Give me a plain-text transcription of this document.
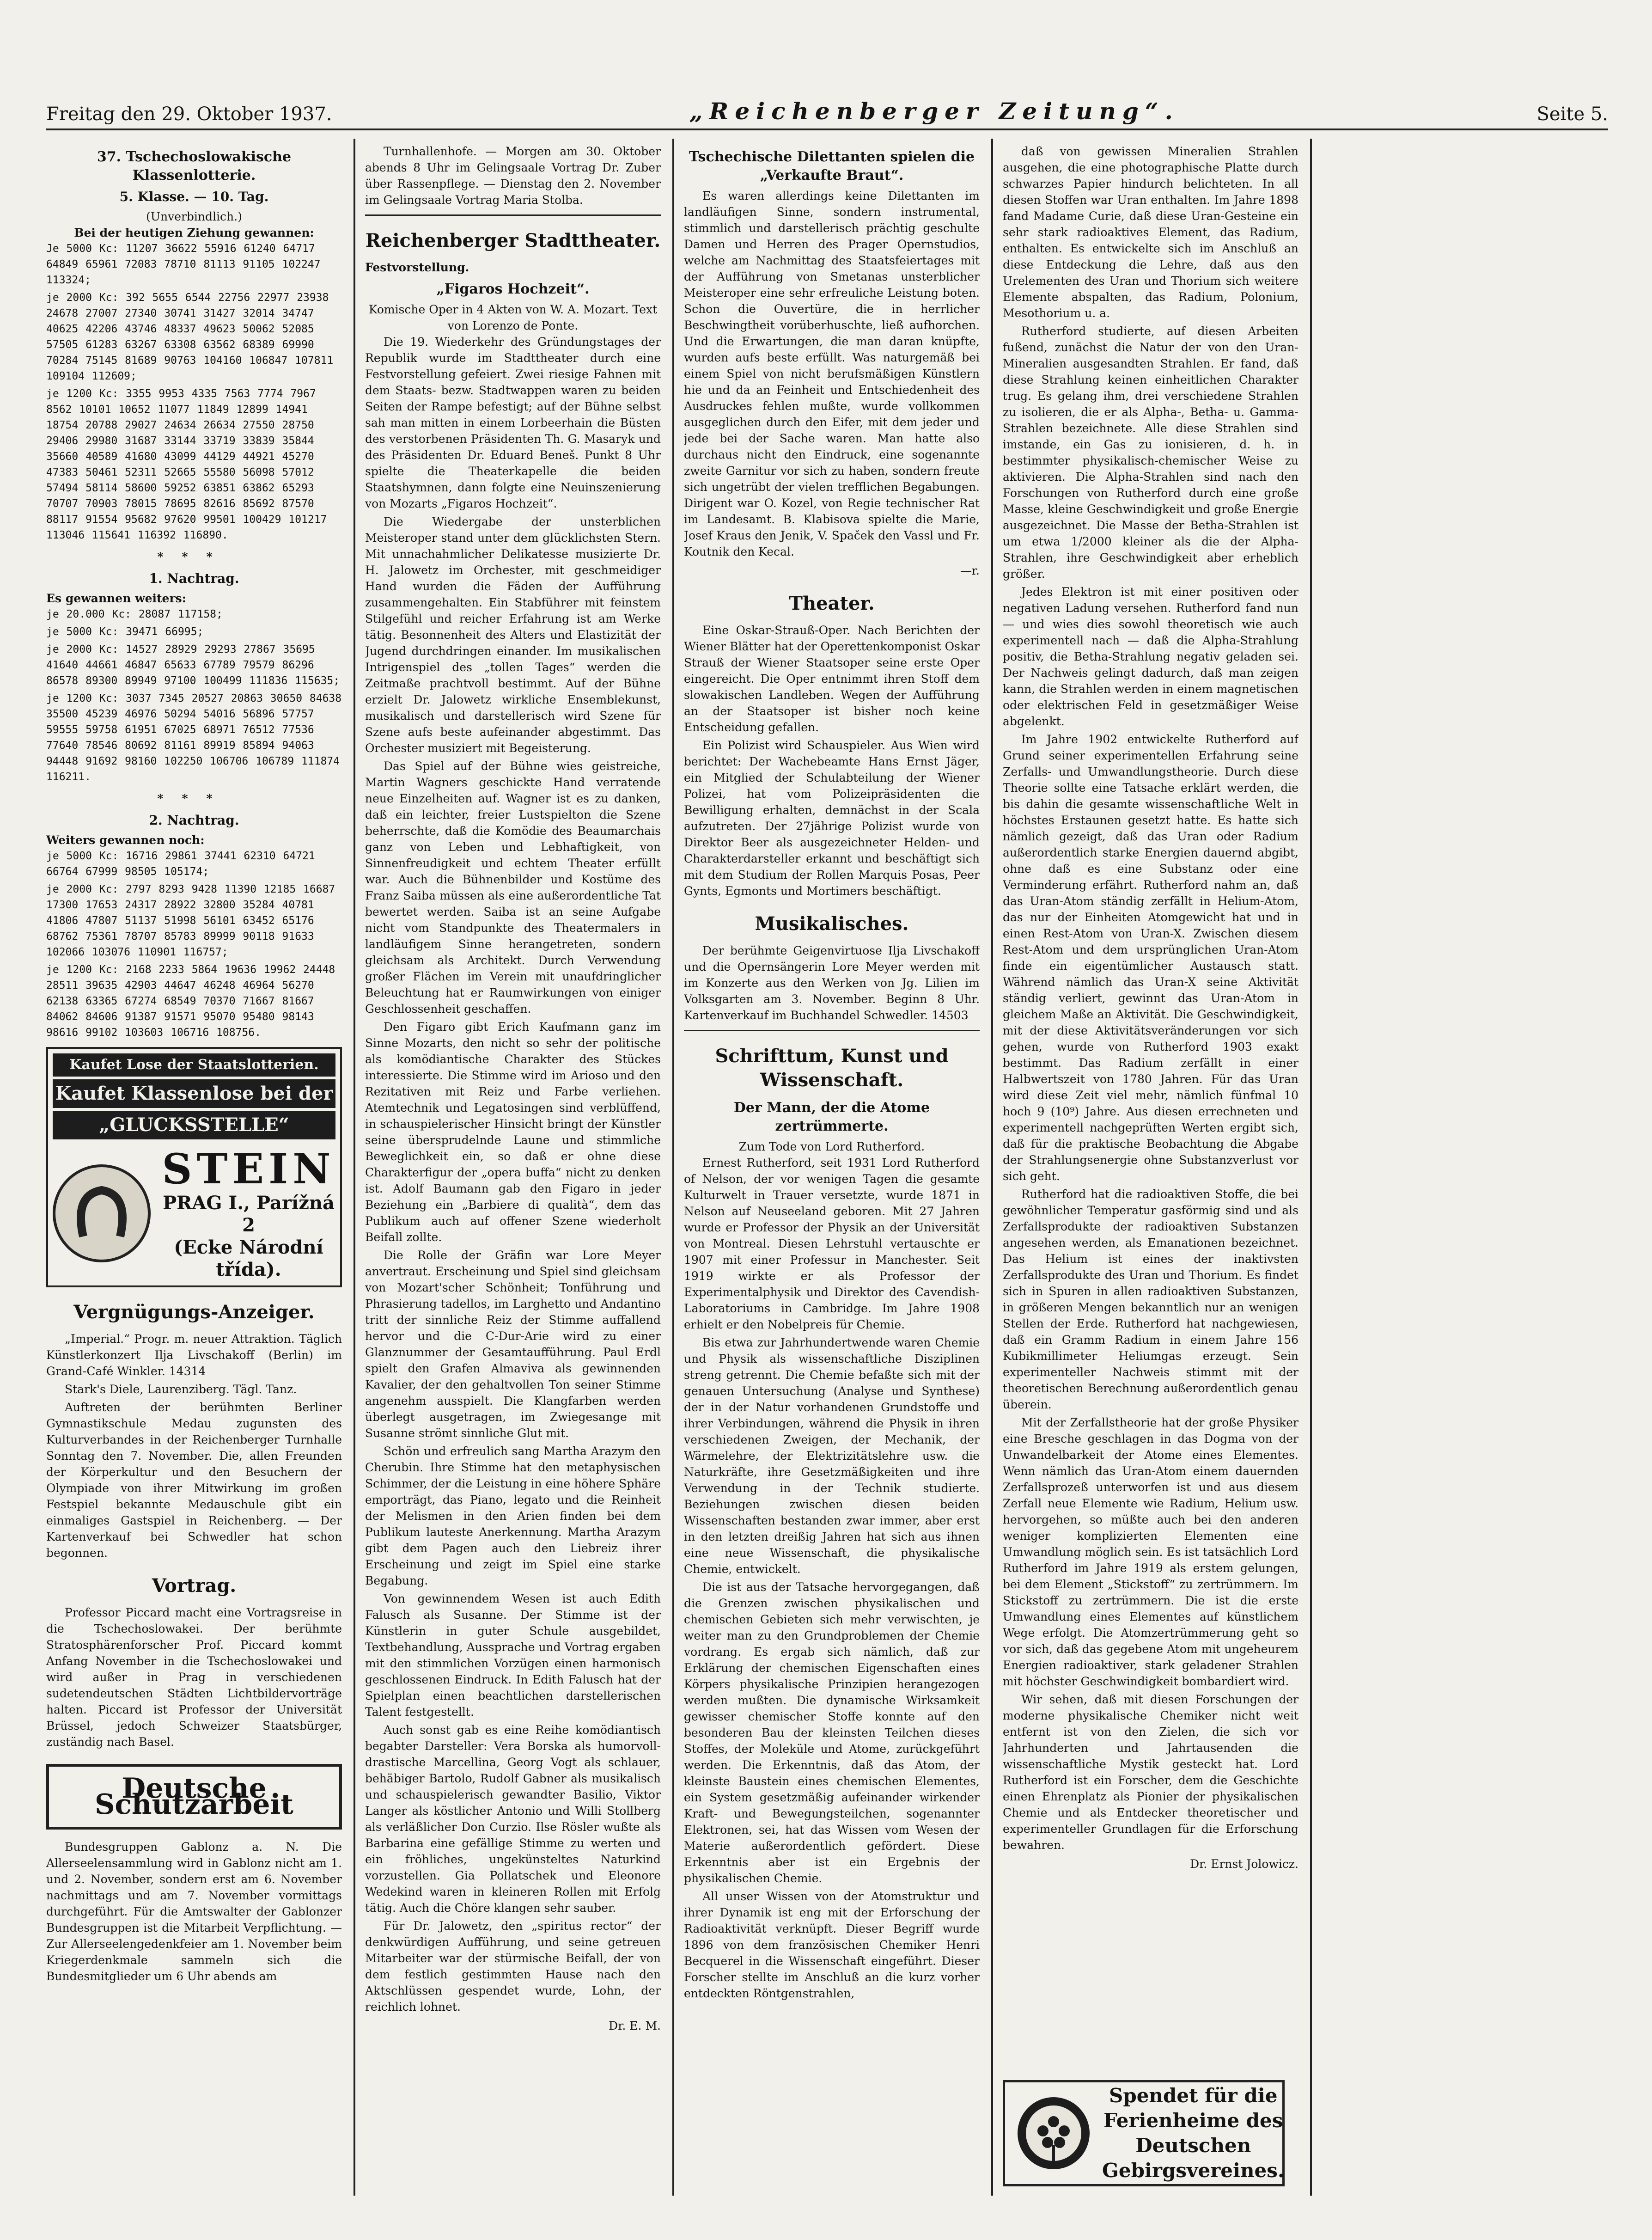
Freitag den 29. Oktober 1937.	„Reichenberger Zeitung“.	Seite 5.
37. Tschechoslowakische Klassenlotterie.
5. Klasse. — 10. Tag.
(Unverbindlich.)
Bei der heutigen Ziehung gewannen:
Je 5000 Kc: 11207 36622 55916 61240 64717 64849 65961 72083 78710 81113 91105 102247 113324;
je 2000 Kc: 392 5655 6544 22756 22977 23938 24678 27007 27340 30741 31427 32014 34747 40625 42206 43746 48337 49623 50062 52085 57505 61283 63267 63308 63562 68389 69990 70284 75145 81689 90763 104160 106847 107811 109104 112609;
je 1200 Kc: 3355 9953 4335 7563 7774 7967 8562 10101 10652 11077 11849 12899 14941 18754 20788 29027 24634 26634 27550 28750 29406 29980 31687 33144 33719 33839 35844 35660 40589 41680 43099 44129 44921 45270 47383 50461 52311 52665 55580 56098 57012 57494 58114 58600 59252 63851 63862 65293 70707 70903 78015 78695 82616 85692 87570 88117 91554 95682 97620 99501 100429 101217 113046 115641 116392 116890.
***
1. Nachtrag.
Es gewannen weiters:
je 20.000 Kc: 28087 117158;
je 5000 Kc: 39471 66995;
je 2000 Kc: 14527 28929 29293 27867 35695 41640 44661 46847 65633 67789 79579 86296 86578 89300 89949 97100 100499 111836 115635;
je 1200 Kc: 3037 7345 20527 20863 30650 84638 35500 45239 46976 50294 54016 56896 57757 59555 59758 61951 67025 68971 76512 77536 77640 78546 80692 81161 89919 85894 94063 94448 91692 98160 102250 106706 106789 111874 116211.
***
2. Nachtrag.
Weiters gewannen noch:
je 5000 Kc: 16716 29861 37441 62310 64721 66764 67999 98505 105174;
je 2000 Kc: 2797 8293 9428 11390 12185 16687 17300 17653 24317 28922 32800 35284 40781 41806 47807 51137 51998 56101 63452 65176 68762 75361 78707 85783 89999 90118 91633 102066 103076 110901 116757;
je 1200 Kc: 2168 2233 5864 19636 19962 24448 28511 39635 42903 44647 46248 46964 56270 62138 63365 67274 68549 70370 71667 81667 84062 84606 91387 91571 95070 95480 98143 98616 99102 103603 106716 108756.
Kaufet Lose der Staatslotterien.
Kaufet Klassenlose bei der
„GLUCKSSTELLE“
STEIN
PRAG I., Parížná 2
(Ecke Národní třída).
Vergnügungs-Anzeiger.

„Imperial.“ Progr. m. neuer Attraktion. Täglich Künstlerkonzert Ilja Livschakoff (Berlin) im Grand-Café Winkler. 14314

Stark's Diele, Laurenziberg. Tägl. Tanz.

Auftreten der berühmten Berliner Gymnastikschule Medau zugunsten des Kulturverbandes in der Reichenberger Turnhalle Sonntag den 7. November. Die, allen Freunden der Körperkultur und den Besuchern der Olympiade von ihrer Mitwirkung im großen Festspiel bekannte Medauschule gibt ein einmaliges Gastspiel in Reichenberg. — Der Kartenverkauf bei Schwedler hat schon begonnen.

Vortrag.

Professor Piccard macht eine Vortragsreise in die Tschechoslowakei. Der berühmte Stratosphärenforscher Prof. Piccard kommt Anfang November in die Tschechoslowakei und wird außer in Prag in verschiedenen sudetendeutschen Städten Lichtbildervorträge halten. Piccard ist Professor der Universität Brüssel, jedoch Schweizer Staatsbürger, zuständig nach Basel.

Deutsche Schutzarbeit

Bundesgruppen Gablonz a. N. Die Allerseelensammlung wird in Gablonz nicht am 1. und 2. November, sondern erst am 6. November nachmittags und am 7. November vormittags durchgeführt. Für die Amtswalter der Gablonzer Bundesgruppen ist die Mitarbeit Verpflichtung. — Zur Allerseelengedenkfeier am 1. November beim Kriegerdenkmale sammeln sich die Bundesmitglieder um 6 Uhr abends am

Turnhallenhofe. — Morgen am 30. Oktober abends 8 Uhr im Gelingsaale Vortrag Dr. Zuber über Rassenpflege. — Dienstag den 2. November im Gelingsaale Vortrag Maria Stolba.

Reichenberger Stadttheater.
Festvorstellung.
„Figaros Hochzeit“.
Komische Oper in 4 Akten von W. A. Mozart. Text von Lorenzo de Ponte.

Die 19. Wiederkehr des Gründungstages der Republik wurde im Stadttheater durch eine Festvorstellung gefeiert. Zwei riesige Fahnen mit dem Staats- bezw. Stadtwappen waren zu beiden Seiten der Rampe befestigt; auf der Bühne selbst sah man mitten in einem Lorbeerhain die Büsten des verstorbenen Präsidenten Th. G. Masaryk und des Präsidenten Dr. Eduard Beneš. Punkt 8 Uhr spielte die Theaterkapelle die beiden Staatshymnen, dann folgte eine Neuinszenierung von Mozarts „Figaros Hochzeit“.

Die Wiedergabe der unsterblichen Meisteroper stand unter dem glücklichsten Stern. Mit unnachahmlicher Delikatesse musizierte Dr. H. Jalowetz im Orchester, mit geschmeidiger Hand wurden die Fäden der Aufführung zusammengehalten. Ein Stabführer mit feinstem Stilgefühl und reicher Erfahrung ist am Werke tätig. Besonnenheit des Alters und Elastizität der Jugend durchdringen einander. Im musikalischen Intrigenspiel des „tollen Tages“ werden die Zeitmaße prachtvoll bestimmt. Auf der Bühne erzielt Dr. Jalowetz wirkliche Ensemblekunst, musikalisch und darstellerisch wird Szene für Szene aufs beste aufeinander abgestimmt. Das Orchester musiziert mit Begeisterung.

Das Spiel auf der Bühne wies geistreiche, Martin Wagners geschickte Hand verratende neue Einzelheiten auf. Wagner ist es zu danken, daß ein leichter, freier Lustspielton die Szene beherrschte, daß die Komödie des Beaumarchais ganz von Leben und Lebhaftigkeit, von Sinnenfreudigkeit und echtem Theater erfüllt war. Auch die Bühnenbilder und Kostüme des Franz Saiba müssen als eine außerordentliche Tat bewertet werden. Saiba ist an seine Aufgabe nicht vom Standpunkte des Theatermalers in landläufigem Sinne herangetreten, sondern gleichsam als Architekt. Durch Verwendung großer Flächen im Verein mit unaufdringlicher Beleuchtung hat er Raumwirkungen von einiger Geschlossenheit geschaffen.

Den Figaro gibt Erich Kaufmann ganz im Sinne Mozarts, den nicht so sehr der politische als komödiantische Charakter des Stückes interessierte. Die Stimme wird im Arioso und den Rezitativen mit Reiz und Farbe verliehen. Atemtechnik und Legatosingen sind verblüffend, in schauspielerischer Hinsicht bringt der Künstler seine übersprudelnde Laune und stimmliche Beweglichkeit ein, so daß er ohne diese Charakterfigur der „opera buffa“ nicht zu denken ist. Adolf Baumann gab den Figaro in jeder Beziehung ein „Barbiere di qualità“, dem das Publikum auch auf offener Szene wiederholt Beifall zollte.

Die Rolle der Gräfin war Lore Meyer anvertraut. Erscheinung und Spiel sind gleichsam von Mozart'scher Schönheit; Tonführung und Phrasierung tadellos, im Larghetto und Andantino tritt der sinnliche Reiz der Stimme auffallend hervor und die C-Dur-Arie wird zu einer Glanznummer der Gesamtaufführung. Paul Erdl spielt den Grafen Almaviva als gewinnenden Kavalier, der den gehaltvollen Ton seiner Stimme angenehm ausspielt. Die Klangfarben werden überlegt ausgetragen, im Zwiegesange mit Susanne strömt sinnliche Glut mit.

Schön und erfreulich sang Martha Arazym den Cherubin. Ihre Stimme hat den metaphysischen Schimmer, der die Leistung in eine höhere Sphäre emporträgt, das Piano, legato und die Reinheit der Melismen in den Arien finden bei dem Publikum lauteste Anerkennung. Martha Arazym gibt dem Pagen auch den Liebreiz ihrer Erscheinung und zeigt im Spiel eine starke Begabung.

Von gewinnendem Wesen ist auch Edith Falusch als Susanne. Der Stimme ist der Künstlerin in guter Schule ausgebildet, Textbehandlung, Aussprache und Vortrag ergaben mit den stimmlichen Vorzügen einen harmonisch geschlossenen Eindruck. In Edith Falusch hat der Spielplan einen beachtlichen darstellerischen Talent festgestellt.

Auch sonst gab es eine Reihe komödiantisch begabter Darsteller: Vera Borska als humorvoll-drastische Marcellina, Georg Vogt als schlauer, behäbiger Bartolo, Rudolf Gabner als musikalisch und schauspielerisch gewandter Basilio, Viktor Langer als köstlicher Antonio und Willi Stollberg als verläßlicher Don Curzio. Ilse Rösler wußte als Barbarina eine gefällige Stimme zu werten und ein fröhliches, ungekünsteltes Naturkind vorzustellen. Gia Pollatschek und Eleonore Wedekind waren in kleineren Rollen mit Erfolg tätig. Auch die Chöre klangen sehr sauber.

Für Dr. Jalowetz, den „spiritus rector“ der denkwürdigen Aufführung, und seine getreuen Mitarbeiter war der stürmische Beifall, der von dem festlich gestimmten Hause nach den Aktschlüssen gespendet wurde, Lohn, der reichlich lohnet.

Dr. E. M.
Tschechische Dilettanten spielen die „Verkaufte Braut“.

Es waren allerdings keine Dilettanten im landläufigen Sinne, sondern instrumental, stimmlich und darstellerisch prächtig geschulte Damen und Herren des Prager Opernstudios, welche am Nachmittag des Staatsfeiertages mit der Aufführung von Smetanas unsterblicher Meisteroper eine sehr erfreuliche Leistung boten. Schon die Ouvertüre, die in herrlicher Beschwingtheit vorüberhuschte, ließ aufhorchen. Und die Erwartungen, die man daran knüpfte, wurden aufs beste erfüllt. Was naturgemäß bei einem Spiel von nicht berufsmäßigen Künstlern hie und da an Feinheit und Entschiedenheit des Ausdruckes fehlen mußte, wurde vollkommen ausgeglichen durch den Eifer, mit dem jeder und jede bei der Sache waren. Man hatte also durchaus nicht den Eindruck, eine sogenannte zweite Garnitur vor sich zu haben, sondern freute sich ungetrübt der vielen trefflichen Begabungen. Dirigent war O. Kozel, von Regie technischer Rat im Landesamt. B. Klabisova spielte die Marie, Josef Kraus den Jenik, V. Spaček den Vassl und Fr. Koutnik den Kecal.

—r.
Theater.

Eine Oskar-Strauß-Oper. Nach Berichten der Wiener Blätter hat der Operettenkomponist Oskar Strauß der Wiener Staatsoper seine erste Oper eingereicht. Die Oper entnimmt ihren Stoff dem slowakischen Landleben. Wegen der Aufführung an der Staatsoper ist bisher noch keine Entscheidung gefallen.

Ein Polizist wird Schauspieler. Aus Wien wird berichtet: Der Wachebeamte Hans Ernst Jäger, ein Mitglied der Schulabteilung der Wiener Polizei, hat vom Polizeipräsidenten die Bewilligung erhalten, demnächst in der Scala aufzutreten. Der 27jährige Polizist wurde von Direktor Beer als ausgezeichneter Helden- und Charakterdarsteller erkannt und beschäftigt sich mit dem Studium der Rollen Marquis Posas, Peer Gynts, Egmonts und Mortimers beschäftigt.

Musikalisches.

Der berühmte Geigenvirtuose Ilja Livschakoff und die Opernsängerin Lore Meyer werden mit im Konzerte aus den Werken von Jg. Lilien im Volksgarten am 3. November. Beginn 8 Uhr. Kartenverkauf im Buchhandel Schwedler. 14503

Schrifttum, Kunst und Wissenschaft.
Der Mann, der die Atome zertrümmerte.
Zum Tode von Lord Rutherford.

Ernest Rutherford, seit 1931 Lord Rutherford of Nelson, der vor wenigen Tagen die gesamte Kulturwelt in Trauer versetzte, wurde 1871 in Nelson auf Neuseeland geboren. Mit 27 Jahren wurde er Professor der Physik an der Universität von Montreal. Diesen Lehrstuhl vertauschte er 1907 mit einer Professur in Manchester. Seit 1919 wirkte er als Professor der Experimentalphysik und Direktor des Cavendish-Laboratoriums in Cambridge. Im Jahre 1908 erhielt er den Nobelpreis für Chemie.

Bis etwa zur Jahrhundertwende waren Chemie und Physik als wissenschaftliche Disziplinen streng getrennt. Die Chemie befaßte sich mit der genauen Untersuchung (Analyse und Synthese) der in der Natur vorhandenen Grundstoffe und ihrer Verbindungen, während die Physik in ihren verschiedenen Zweigen, der Mechanik, der Wärmelehre, der Elektrizitätslehre usw. die Naturkräfte, ihre Gesetzmäßigkeiten und ihre Verwendung in der Technik studierte. Beziehungen zwischen diesen beiden Wissenschaften bestanden zwar immer, aber erst in den letzten dreißig Jahren hat sich aus ihnen eine neue Wissenschaft, die physikalische Chemie, entwickelt.

Die ist aus der Tatsache hervorgegangen, daß die Grenzen zwischen physikalischen und chemischen Gebieten sich mehr verwischten, je weiter man zu den Grundproblemen der Chemie vordrang. Es ergab sich nämlich, daß zur Erklärung der chemischen Eigenschaften eines Körpers physikalische Prinzipien herangezogen werden mußten. Die dynamische Wirksamkeit gewisser chemischer Stoffe konnte auf den besonderen Bau der kleinsten Teilchen dieses Stoffes, der Moleküle und Atome, zurückgeführt werden. Die Erkenntnis, daß das Atom, der kleinste Baustein eines chemischen Elementes, ein System gesetzmäßig aufeinander wirkender Kraft- und Bewegungsteilchen, sogenannter Elektronen, sei, hat das Wissen vom Wesen der Materie außerordentlich gefördert. Diese Erkenntnis aber ist ein Ergebnis der physikalischen Chemie.

All unser Wissen von der Atomstruktur und ihrer Dynamik ist eng mit der Erforschung der Radioaktivität verknüpft. Dieser Begriff wurde 1896 von dem französischen Chemiker Henri Becquerel in die Wissenschaft eingeführt. Dieser Forscher stellte im Anschluß an die kurz vorher entdeckten Röntgenstrahlen,

daß von gewissen Mineralien Strahlen ausgehen, die eine photographische Platte durch schwarzes Papier hindurch belichteten. In all diesen Stoffen war Uran enthalten. Im Jahre 1898 fand Madame Curie, daß diese Uran-Gesteine ein sehr stark radioaktives Element, das Radium, enthalten. Es entwickelte sich im Anschluß an diese Entdeckung die Lehre, daß aus den Urelementen des Uran und Thorium sich weitere Elemente abspalten, das Radium, Polonium, Mesothorium u. a.

Rutherford studierte, auf diesen Arbeiten fußend, zunächst die Natur der von den Uran-Mineralien ausgesandten Strahlen. Er fand, daß diese Strahlung keinen einheitlichen Charakter trug. Es gelang ihm, drei verschiedene Strahlen zu isolieren, die er als Alpha-, Betha- u. Gamma-Strahlen bezeichnete. Alle diese Strahlen sind imstande, ein Gas zu ionisieren, d. h. in bestimmter physikalisch-chemischer Weise zu aktivieren. Die Alpha-Strahlen sind nach den Forschungen von Rutherford durch eine große Masse, kleine Geschwindigkeit und große Energie ausgezeichnet. Die Masse der Betha-Strahlen ist um etwa 1/2000 kleiner als die der Alpha-Strahlen, ihre Geschwindigkeit aber erheblich größer.

Jedes Elektron ist mit einer positiven oder negativen Ladung versehen. Rutherford fand nun — und wies dies sowohl theoretisch wie auch experimentell nach — daß die Alpha-Strahlung positiv, die Betha-Strahlung negativ geladen sei. Der Nachweis gelingt dadurch, daß man zeigen kann, die Strahlen werden in einem magnetischen oder elektrischen Feld in gesetzmäßiger Weise abgelenkt.

Im Jahre 1902 entwickelte Rutherford auf Grund seiner experimentellen Erfahrung seine Zerfalls- und Umwandlungstheorie. Durch diese Theorie sollte eine Tatsache erklärt werden, die bis dahin die gesamte wissenschaftliche Welt in höchstes Erstaunen gesetzt hatte. Es hatte sich nämlich gezeigt, daß das Uran oder Radium außerordentlich starke Energien dauernd abgibt, ohne daß es eine Substanz oder eine Verminderung erfährt. Rutherford nahm an, daß das Uran-Atom ständig zerfällt in Helium-Atom, das nur der Einheiten Atomgewicht hat und in einen Rest-Atom von Uran-X. Zwischen diesem Rest-Atom und dem ursprünglichen Uran-Atom finde ein eigentümlicher Austausch statt. Während nämlich das Uran-X seine Aktivität ständig verliert, gewinnt das Uran-Atom in gleichem Maße an Aktivität. Die Geschwindigkeit, mit der diese Aktivitätsveränderungen vor sich gehen, wurde von Rutherford 1903 exakt bestimmt. Das Radium zerfällt in einer Halbwertszeit von 1780 Jahren. Für das Uran wird diese Zeit viel mehr, nämlich fünfmal 10 hoch 9 (10⁹) Jahre. Aus diesen errechneten und experimentell nachgeprüften Werten ergibt sich, daß für die praktische Beobachtung die Abgabe der Strahlungsenergie ohne Substanzverlust vor sich geht.

Rutherford hat die radioaktiven Stoffe, die bei gewöhnlicher Temperatur gasförmig sind und als Zerfallsprodukte der radioaktiven Substanzen angesehen werden, als Emanationen bezeichnet. Das Helium ist eines der inaktivsten Zerfallsprodukte des Uran und Thorium. Es findet sich in Spuren in allen radioaktiven Substanzen, in größeren Mengen bekanntlich nur an wenigen Stellen der Erde. Rutherford hat nachgewiesen, daß ein Gramm Radium in einem Jahre 156 Kubikmillimeter Heliumgas erzeugt. Sein experimenteller Nachweis stimmt mit der theoretischen Berechnung außerordentlich genau überein.

Mit der Zerfallstheorie hat der große Physiker eine Bresche geschlagen in das Dogma von der Unwandelbarkeit der Atome eines Elementes. Wenn nämlich das Uran-Atom einem dauernden Zerfallsprozeß unterworfen ist und aus diesem Zerfall neue Elemente wie Radium, Helium usw. hervorgehen, so müßte auch bei den anderen weniger komplizierten Elementen eine Umwandlung möglich sein. Es ist tatsächlich Lord Rutherford im Jahre 1919 als erstem gelungen, bei dem Element „Stickstoff“ zu zertrümmern. Im Stickstoff zu zertrümmern. Die ist die erste Umwandlung eines Elementes auf künstlichem Wege erfolgt. Die Atomzertrümmerung geht so vor sich, daß das gegebene Atom mit ungeheurem Energien radioaktiver, stark geladener Strahlen mit höchster Geschwindigkeit bombardiert wird.

Wir sehen, daß mit diesen Forschungen der moderne physikalische Chemiker nicht weit entfernt ist von den Zielen, die sich vor Jahrhunderten und Jahrtausenden die wissenschaftliche Mystik gesteckt hat. Lord Rutherford ist ein Forscher, dem die Geschichte einen Ehrenplatz als Pionier der physikalischen Chemie und als Entdecker theoretischer und experimenteller Grundlagen für die Erforschung bewahren.

Dr. Ernst Jolowicz.
Spendet für die Ferienheime des Deutschen Gebirgsvereines.
